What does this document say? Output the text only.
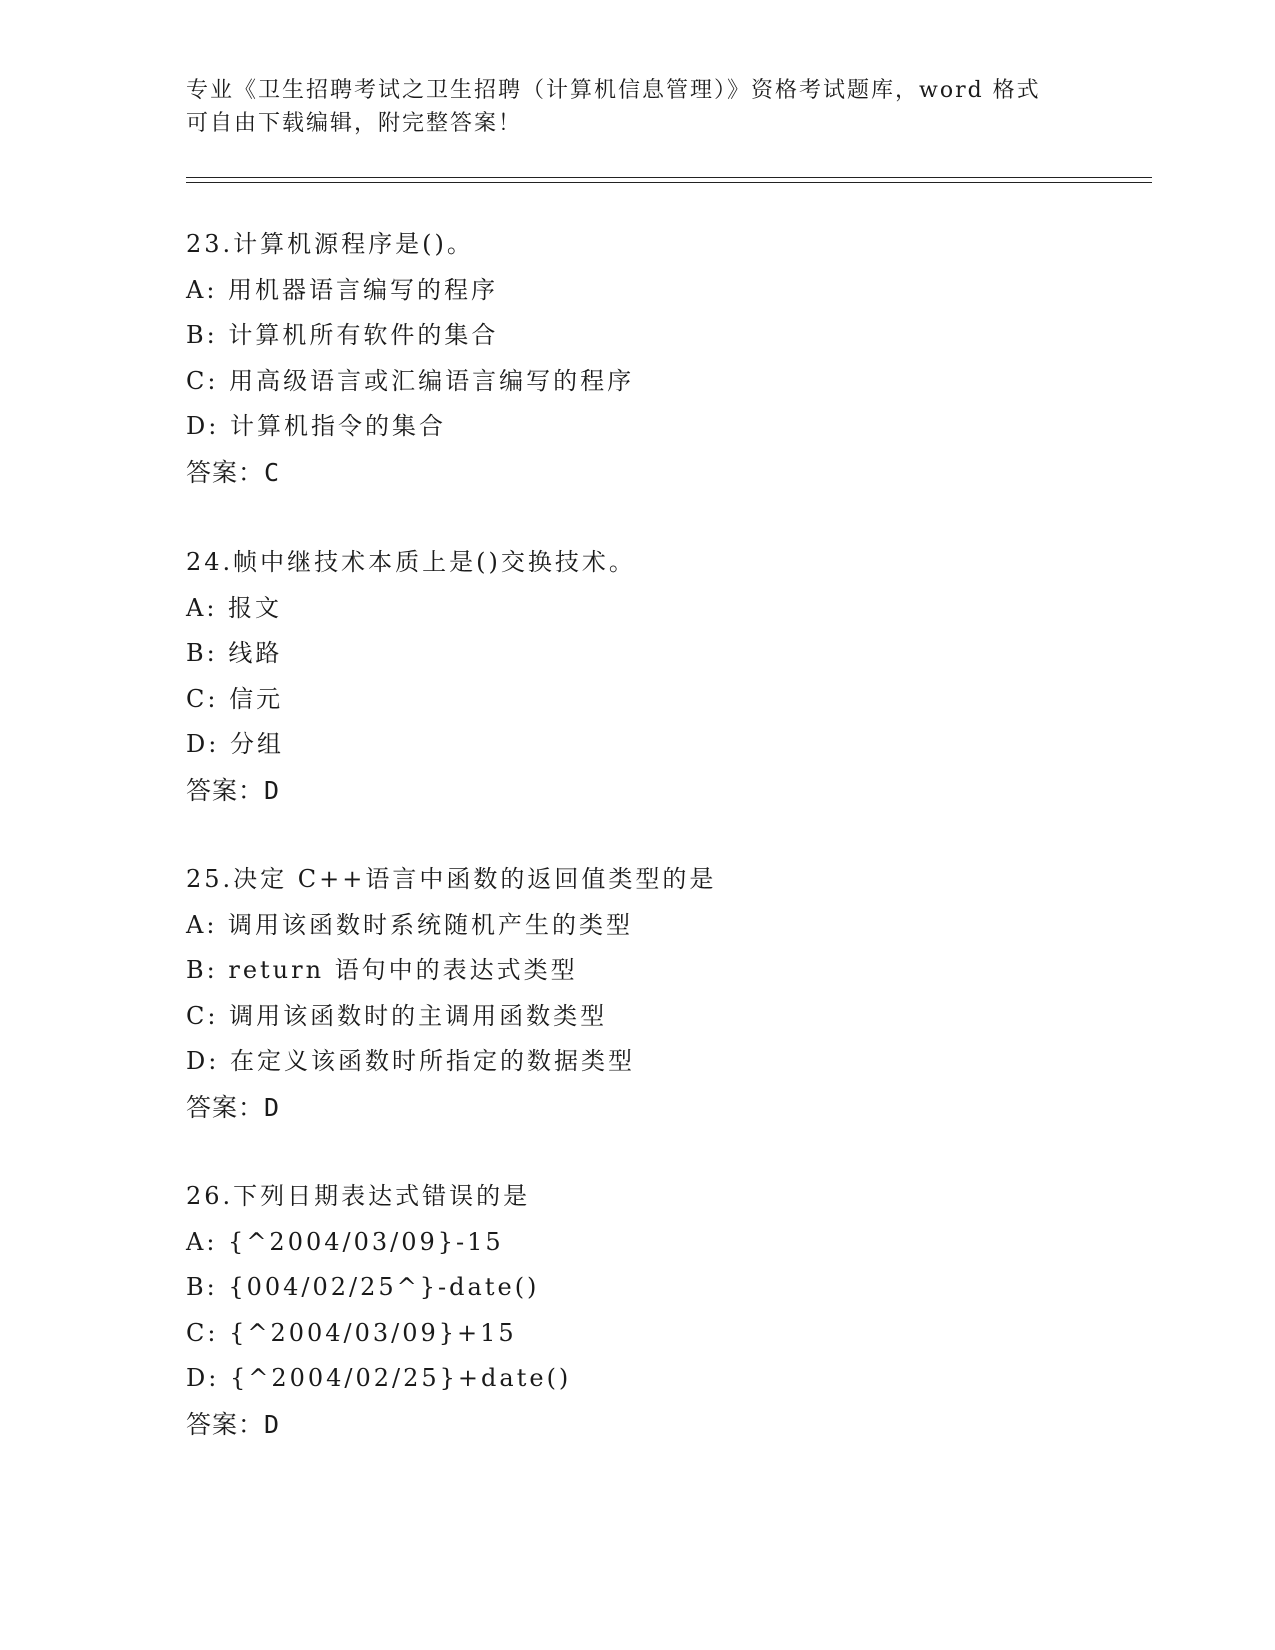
专业《卫生招聘考试之卫生招聘（计算机信息管理）》资格考试题库，word 格式
可自由下载编辑，附完整答案！
23.计算机源程序是()。
A: 用机器语言编写的程序
B: 计算机所有软件的集合
C: 用高级语言或汇编语言编写的程序
D: 计算机指令的集合
答案：C
24.帧中继技术本质上是()交换技术。
A: 报文
B: 线路
C: 信元
D: 分组
答案：D
25.决定 C++语言中函数的返回值类型的是
A: 调用该函数时系统随机产生的类型
B: return 语句中的表达式类型
C: 调用该函数时的主调用函数类型
D: 在定义该函数时所指定的数据类型
答案：D
26.下列日期表达式错误的是
A: {^2004/03/09}-15
B: {004/02/25^}-date()
C: {^2004/03/09}+15
D: {^2004/02/25}+date()
答案：D
